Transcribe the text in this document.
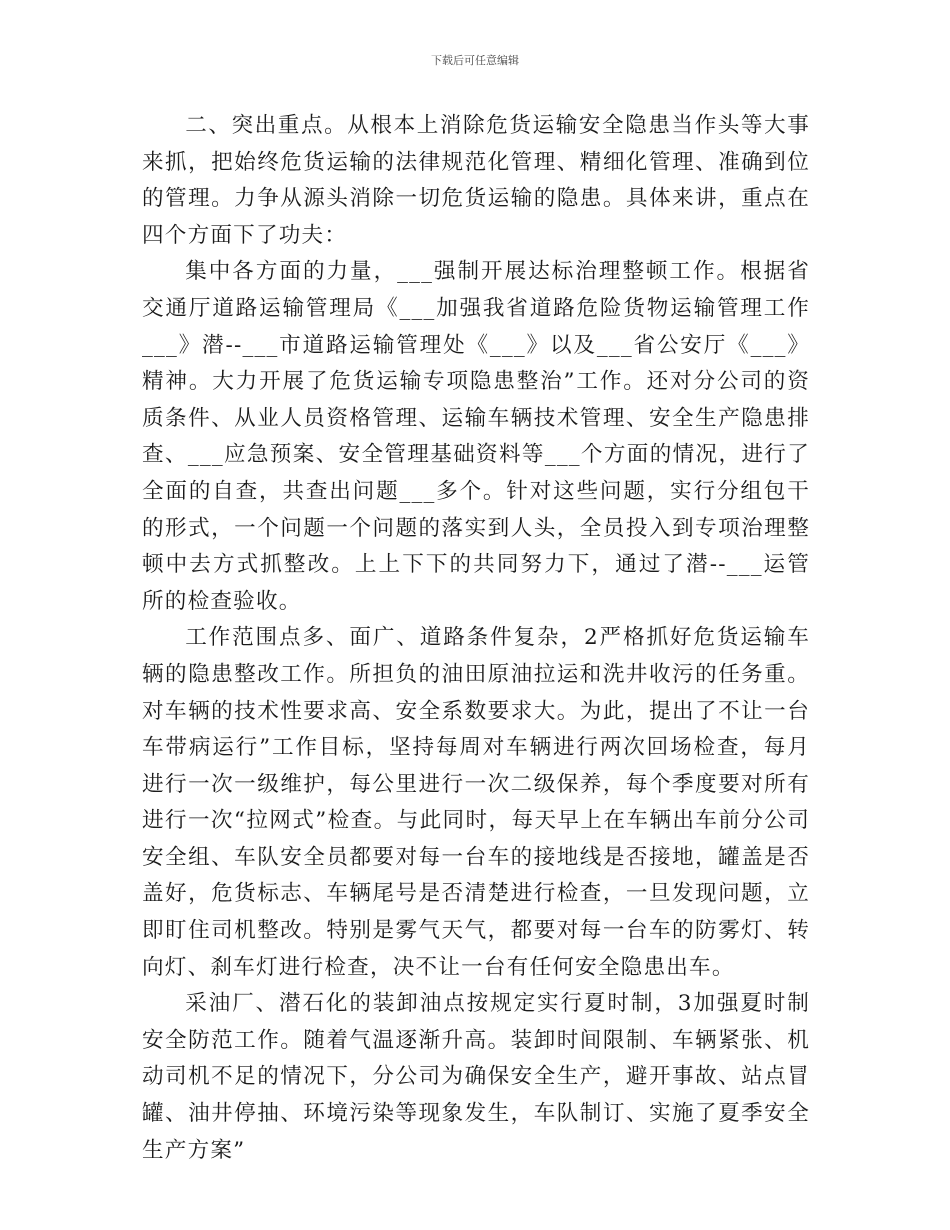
下载后可任意编辑

二、突出重点。从根本上消除危货运输安全隐患当作头等大事来抓，把始终危货运输的法律规范化管理、精细化管理、准确到位的管理。力争从源头消除一切危货运输的隐患。具体来讲，重点在四个方面下了功夫：

集中各方面的力量，___强制开展达标治理整顿工作。根据省交通厅道路运输管理局《___加强我省道路危险货物运输管理工作___》潜--___市道路运输管理处《___》以及___省公安厅《___》精神。大力开展了危货运输专项隐患整治”工作。还对分公司的资质条件、从业人员资格管理、运输车辆技术管理、安全生产隐患排查、___应急预案、安全管理基础资料等___个方面的情况，进行了全面的自查，共查出问题___多个。针对这些问题，实行分组包干的形式，一个问题一个问题的落实到人头，全员投入到专项治理整顿中去方式抓整改。上上下下的共同努力下，通过了潜--___运管所的检查验收。

工作范围点多、面广、道路条件复杂，2严格抓好危货运输车辆的隐患整改工作。所担负的油田原油拉运和洗井收污的任务重。对车辆的技术性要求高、安全系数要求大。为此，提出了不让一台车带病运行”工作目标，坚持每周对车辆进行两次回场检查，每月进行一次一级维护，每公里进行一次二级保养，每个季度要对所有进行一次“拉网式”检查。与此同时，每天早上在车辆出车前分公司安全组、车队安全员都要对每一台车的接地线是否接地，罐盖是否盖好，危货标志、车辆尾号是否清楚进行检查，一旦发现问题，立即盯住司机整改。特别是雾气天气，都要对每一台车的防雾灯、转向灯、刹车灯进行检查，决不让一台有任何安全隐患出车。

采油厂、潜石化的装卸油点按规定实行夏时制，3加强夏时制安全防范工作。随着气温逐渐升高。装卸时间限制、车辆紧张、机动司机不足的情况下，分公司为确保安全生产，避开事故、站点冒罐、油井停抽、环境污染等现象发生，车队制订、实施了夏季安全生产方案”
